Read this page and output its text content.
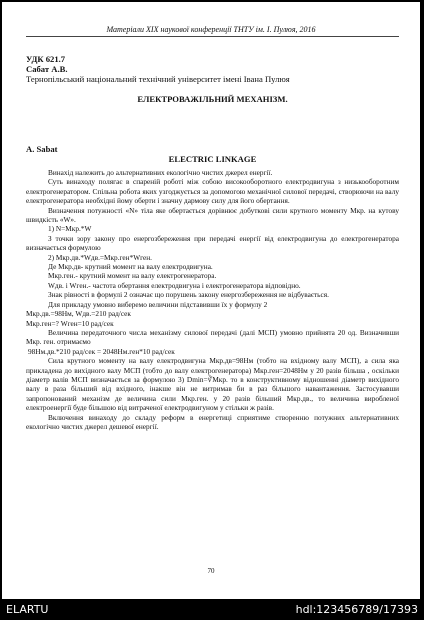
Матеріали ХІХ наукової конференції ТНТУ ім. І. Пулюя, 2016
УДК 621.7
Сабат А.В.
Тернопільський національний технічний університет імені Івана Пулюя
ЕЛЕКТРОВАЖІЛЬНИЙ МЕХАНІЗМ.
A. Sabat
ELECTRIC LINKAGE

Винахід належить до альтернативних екологічно чистих джерел енергії.

Суть винаходу полягає в спареній роботі між собою високооборотного електродвигуна з низькооборотним електрогенератором. Спільна робота яких узгоджується за допомогою механічної силової передачі, створюючи на валу електрогенератора необхідні йому оберти і значну дармову силу для його обертання.

Визначення потужності «N» тіла яке обертається дорівнює добуткові сили крутного моменту Мкр. на кутову швидкість «W».

1) N=Мкр.*W

З точки зору закону про енергозбереження при передачі енергії від електродвигуна до електрогенератора визначається формулою

2) Мкр.дв.*Wдв.=Мкр.ген*Wген.

Де Мкр.дв- крутний момент на валу електродвигуна.

Мкр.ген.- крутний момент на валу електрогенератора.

Wдв. і Wген.- частота обертання електродвигуна і електрогенератора відповідно.

Знак рівності в формулі 2 означає що порушень закону енергозбереження не відбувається.

Для прикладу умовно виберемо величини підставивши їх у формулу 2

Мкр.дв.=98Нм, Wдв.=210 рад/сек

Мкр.ген=? Wген=10 рад/сек

Величина передаточного числа механізму силової передачі (далі МСП) умовно прийнята 20 од. Визначивши Мкр. ген. отримаємо

98Нм.дв.*210 рад/сек = 2048Нм.ген*10 рад/сек

Сила крутного моменту на валу електродвигуна Мкр.дв=98Нм (тобто на вхідному валу МСП), а сила яка прикладена до вихідного валу МСП (тобто до валу електрогенератора) Мкр.ген=2048Нм у 20 разів більша , оскільки діаметр валів МСП визначається за формулою 3) Dmin=∛Мкр. то в конструктивному відношенні діаметр вихідного валу в раза більший від вхідного, інакше він не витримав би в раз більшого навантаження. Застосувавши запропонований механізм де величина сили Мкр.ген. у 20 разів більший Мкр.дв., то величина виробленої електроенергії буде більшою від витраченої електродвигуном у стільки ж разів.

Включення винаходу до складу реформ в енергетиці сприятиме створенню потужних альтернативних екологічно чистих джерел дешевої енергії.

70
ELARTU	hdl:123456789/17393
